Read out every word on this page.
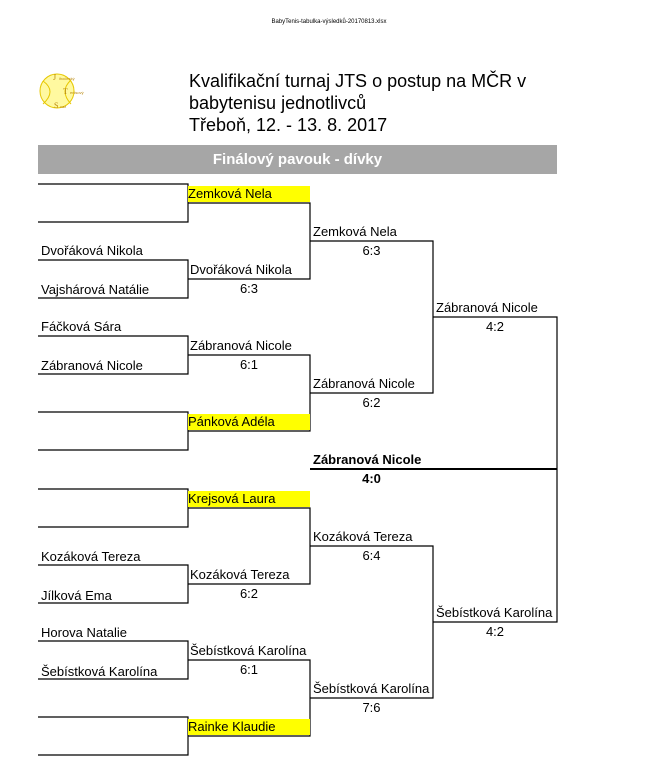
BabyTenis-tabulka-výsledků-20170813.xlsx
J ihočeský
T enisový
S vaz
Kvalifikační turnaj JTS o postup na MČR v
babytenisu jednotlivců
Třeboň, 12. - 13. 8. 2017
Finálový pavouk - dívky
Dvořáková Nikola
Vajshárová Natálie
Fáčková Sára
Zábranová Nicole
Kozáková Tereza
Jílková Ema
Horova Natalie
Šebístková Karolína
Zemková Nela
Dvořáková Nikola
6:3
Zábranová Nicole
6:1
Pánková Adéla
Krejsová Laura
Kozáková Tereza
6:2
Šebístková Karolína
6:1
Rainke Klaudie
Zemková Nela
6:3
Zábranová Nicole
6:2
Kozáková Tereza
6:4
Šebístková Karolína
7:6
Zábranová Nicole
4:2
Šebístková Karolína
4:2
Zábranová Nicole
4:0
